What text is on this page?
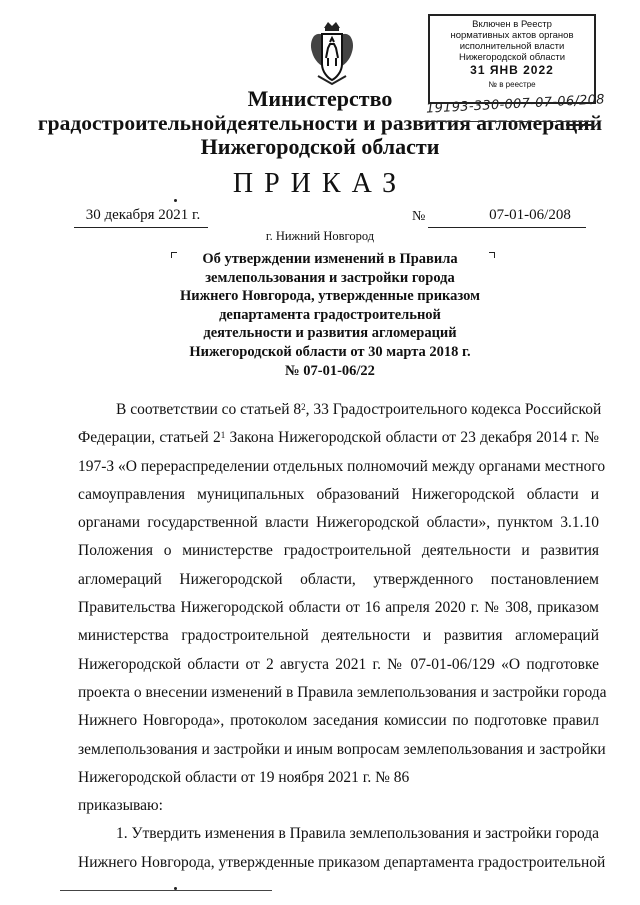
Включен в Реестр
нормативных актов органов
исполнительной власти
Нижегородской области
31 ЯНВ 2022
№ в реестре
19193-330-007-07-06/208
Министерство
градостроительнойдеятельности и развития агломераций
Нижегородской области
ПРИКАЗ
30 декабря 2021 г.	№	07-01-06/208
г. Нижний Новгород
Об утверждении изменений в Правила
землепользования и застройки города
Нижнего Новгорода, утвержденные приказом
департамента градостроительной
деятельности и развития агломераций
Нижегородской области от 30 марта 2018 г.
№ 07-01-06/22
В соответствии со статьей $8^2$, 33 Градостроительного кодекса Российской
Федерации, статьей $2^1$ Закона Нижегородской области от 23 декабря 2014 г. №
197-З «О перераспределении отдельных полномочий между органами местного
самоуправления муниципальных образований Нижегородской области и
органами государственной власти Нижегородской области», пунктом 3.1.10
Положения о министерстве градостроительной деятельности и развития
агломераций Нижегородской области, утвержденного постановлением
Правительства Нижегородской области от 16 апреля 2020 г. № 308, приказом
министерства градостроительной деятельности и развития агломераций
Нижегородской области от 2 августа 2021 г. № 07-01-06/129 «О подготовке
проекта о внесении изменений в Правила землепользования и застройки города
Нижнего Новгорода», протоколом заседания комиссии по подготовке правил
землепользования и застройки и иным вопросам землепользования и застройки
Нижегородской области от 19 ноября 2021 г. № 86
приказываю:
1. Утвердить изменения в Правила землепользования и застройки города
Нижнего Новгорода, утвержденные приказом департамента градостроительной
